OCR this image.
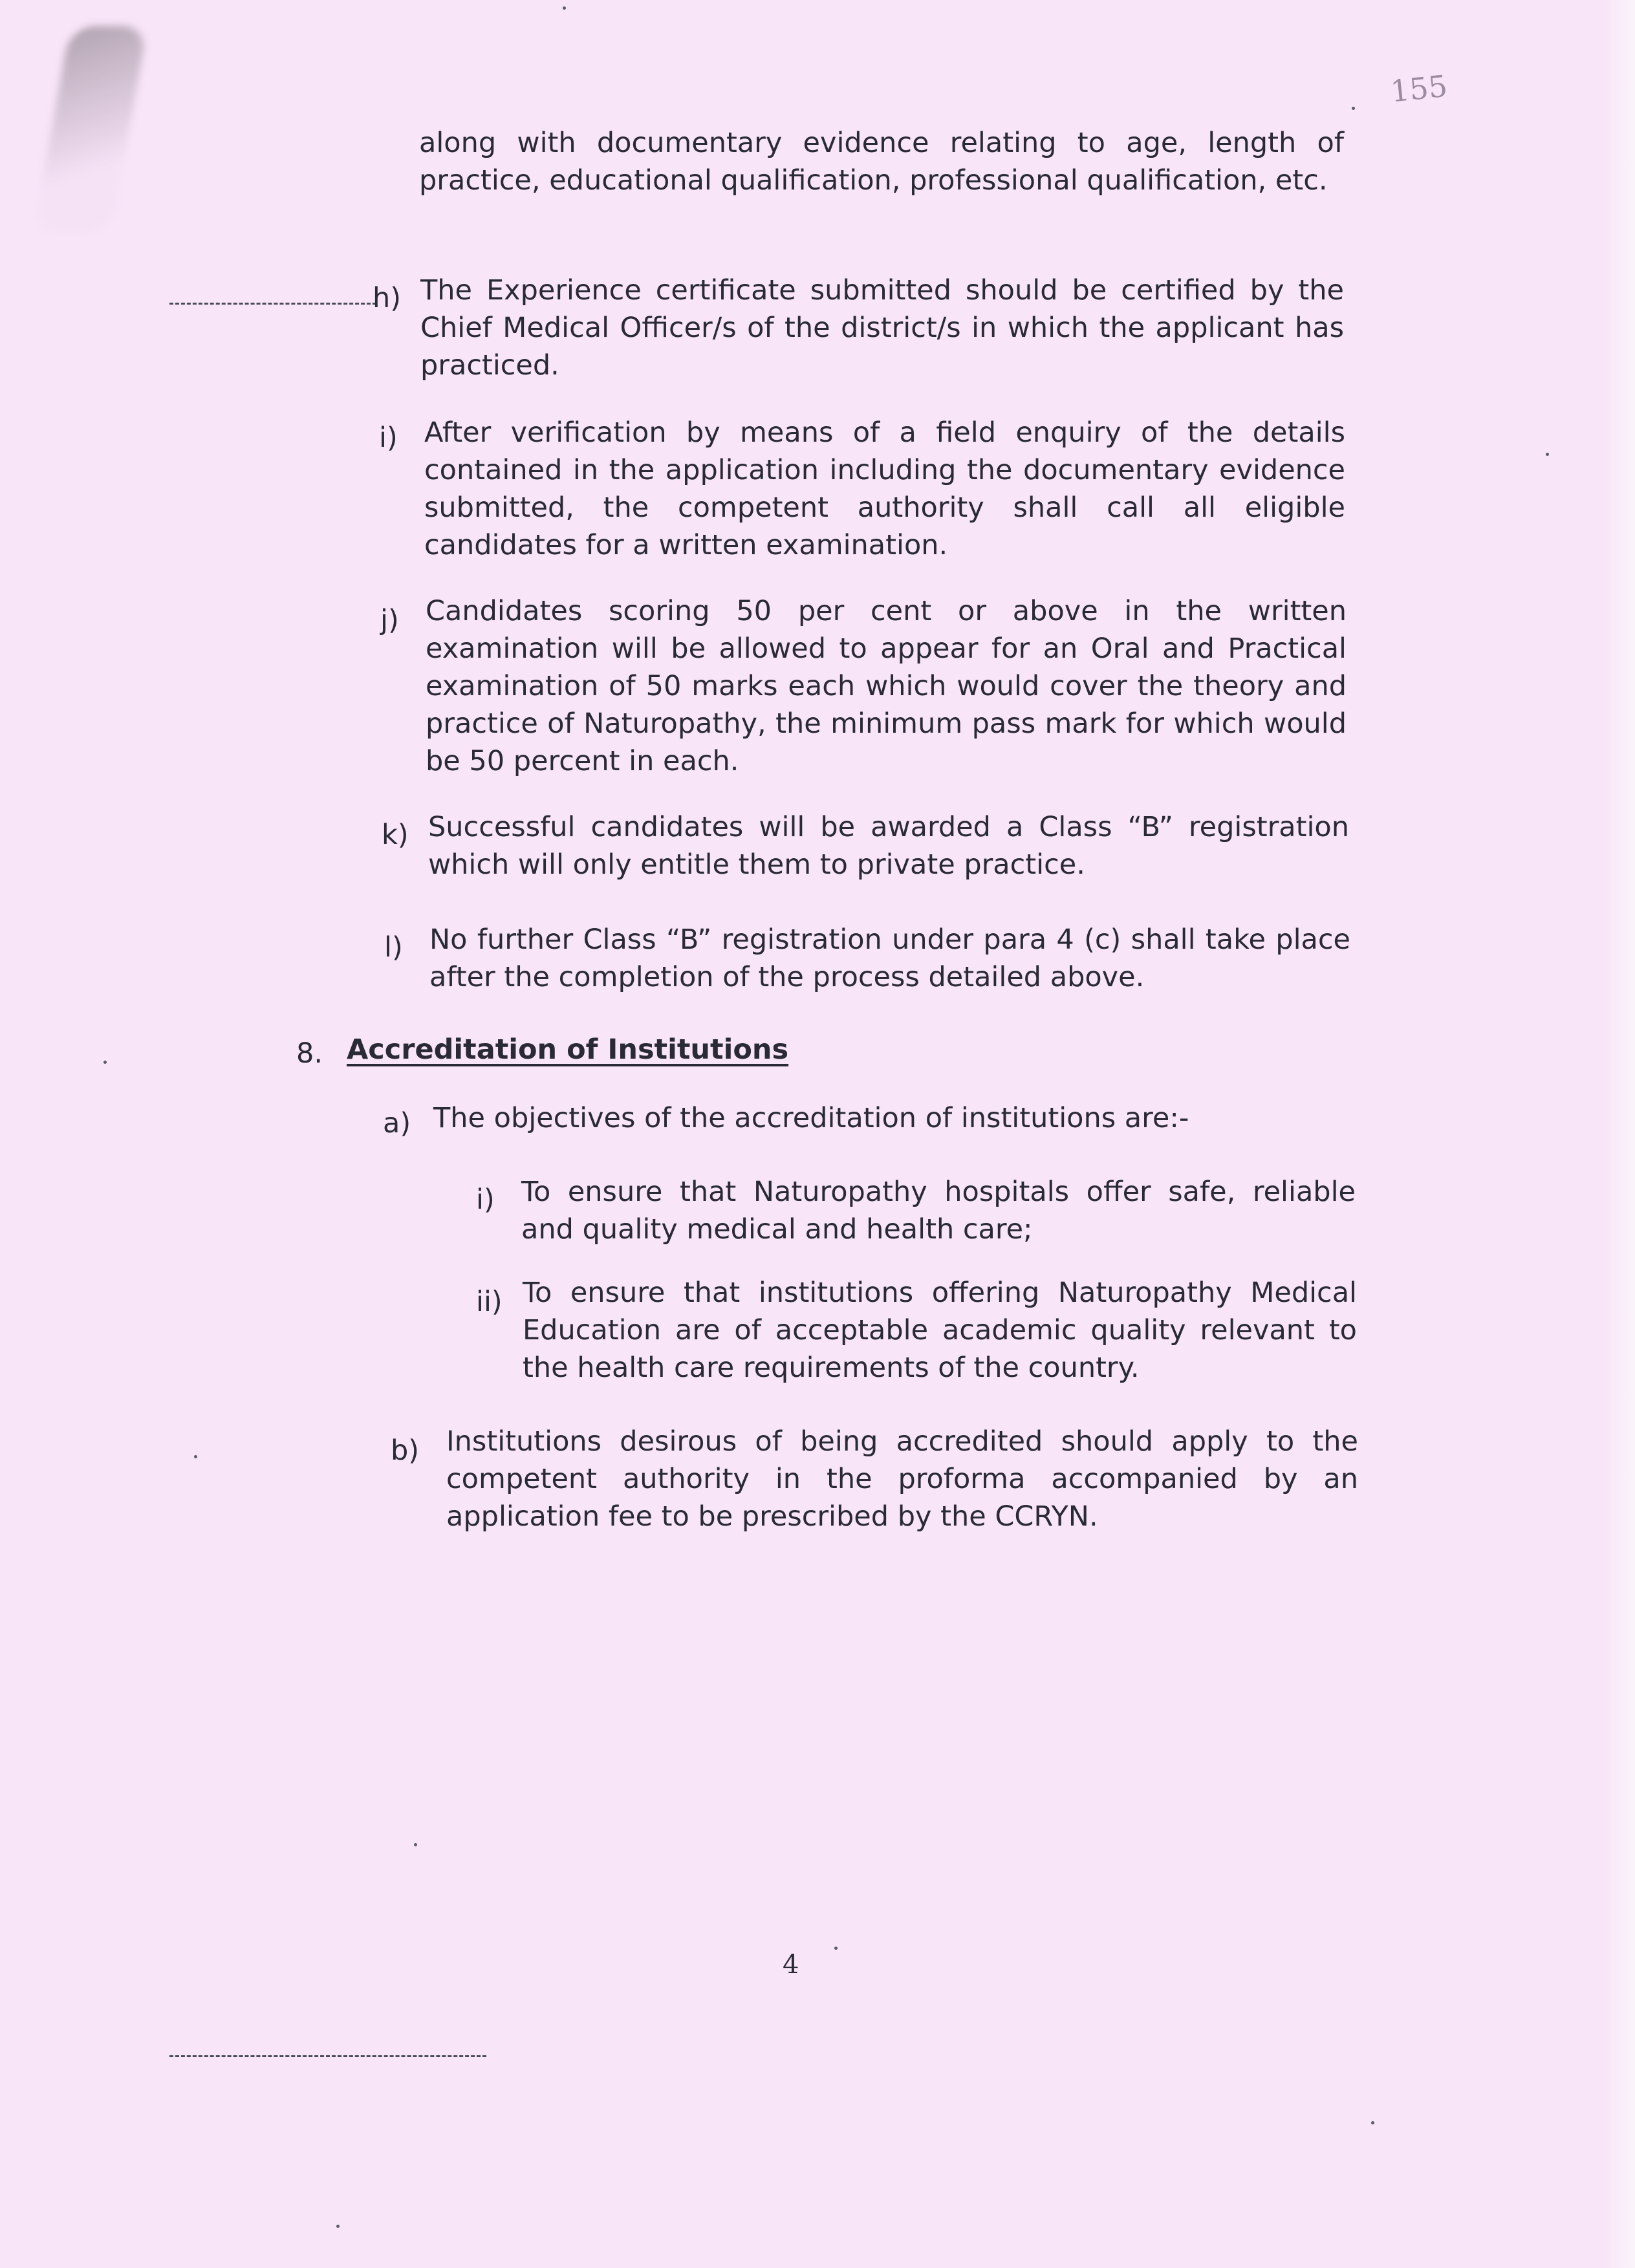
155
along with documentary evidence relating to age, length of practice, educational qualification, professional qualification, etc.
h) The Experience certificate submitted should be certified by the Chief Medical Officer/s of the district/s in which the applicant has practiced.
i) After verification by means of a field enquiry of the details contained in the application including the documentary evidence submitted, the competent authority shall call all eligible candidates for a written examination.
j) Candidates scoring 50 per cent or above in the written examination will be allowed to appear for an Oral and Practical examination of 50 marks each which would cover the theory and practice of Naturopathy, the minimum pass mark for which would be 50 percent in each.
k) Successful candidates will be awarded a Class “B” registration which will only entitle them to private practice.
l) No further Class “B” registration under para 4 (c) shall take place after the completion of the process detailed above.
8. Accreditation of Institutions
a) The objectives of the accreditation of institutions are:-
i) To ensure that Naturopathy hospitals offer safe, reliable and quality medical and health care;
ii) To ensure that institutions offering Naturopathy Medical Education are of acceptable academic quality relevant to the health care requirements of the country.
b) Institutions desirous of being accredited should apply to the competent authority in the proforma accompanied by an application fee to be prescribed by the CCRYN.
4
